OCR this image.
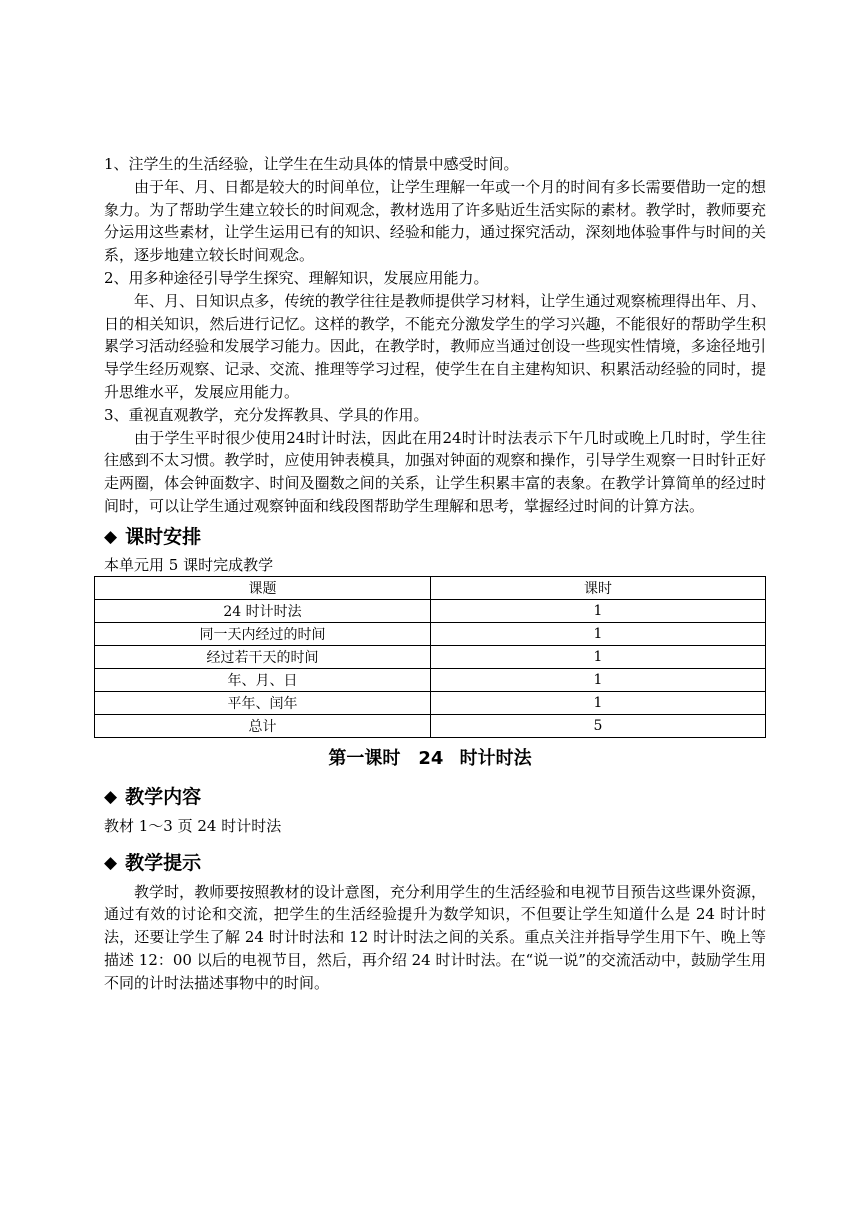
1、注学生的生活经验，让学生在生动具体的情景中感受时间。

由于年、月、日都是较大的时间单位，让学生理解一年或一个月的时间有多长需要借助一定的想象力。为了帮助学生建立较长的时间观念，教材选用了许多贴近生活实际的素材。教学时，教师要充分运用这些素材，让学生运用已有的知识、经验和能力，通过探究活动，深刻地体验事件与时间的关系，逐步地建立较长时间观念。

2、用多种途径引导学生探究、理解知识，发展应用能力。

年、月、日知识点多，传统的教学往往是教师提供学习材料，让学生通过观察梳理得出年、月、日的相关知识，然后进行记忆。这样的教学，不能充分激发学生的学习兴趣，不能很好的帮助学生积累学习活动经验和发展学习能力。因此，在教学时，教师应当通过创设一些现实性情境，多途径地引导学生经历观察、记录、交流、推理等学习过程，使学生在自主建构知识、积累活动经验的同时，提升思维水平，发展应用能力。

3、重视直观教学，充分发挥教具、学具的作用。

由于学生平时很少使用24时计时法，因此在用24时计时法表示下午几时或晚上几时时，学生往往感到不太习惯。教学时，应使用钟表模具，加强对钟面的观察和操作，引导学生观察一日时针正好走两圈，体会钟面数字、时间及圈数之间的关系，让学生积累丰富的表象。在教学计算简单的经过时间时，可以让学生通过观察钟面和线段图帮助学生理解和思考，掌握经过时间的计算方法。

◆ 课时安排
本单元用 5 课时完成教学
课题	课时
24 时计时法	1
同一天内经过的时间	1
经过若干天的时间	1
年、月、日	1
平年、闰年	1
总计	5
第一课时　24 时计时法
◆ 教学内容

教材 1～3 页 24 时计时法

◆ 教学提示

教学时，教师要按照教材的设计意图，充分利用学生的生活经验和电视节目预告这些课外资源，通过有效的讨论和交流，把学生的生活经验提升为数学知识，不但要让学生知道什么是 24 时计时法，还要让学生了解 24 时计时法和 12 时计时法之间的关系。重点关注并指导学生用下午、晚上等描述 12：00 以后的电视节目，然后，再介绍 24 时计时法。在“说一说”的交流活动中，鼓励学生用不同的计时法描述事物中的时间。
